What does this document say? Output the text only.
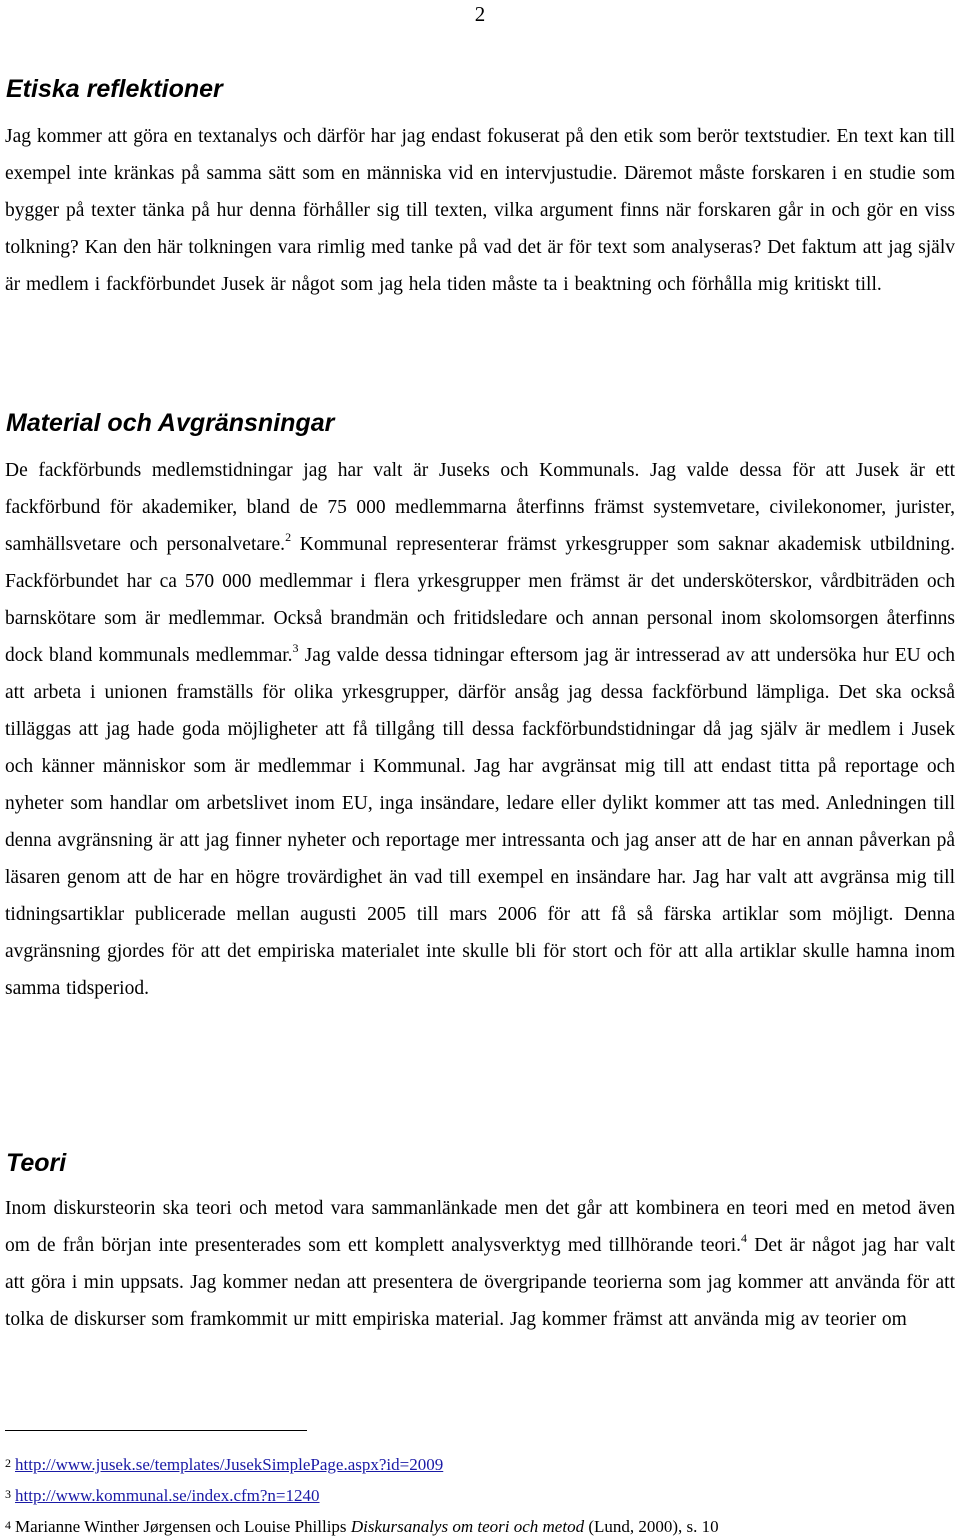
2
Etiska reflektioner

Jag kommer att göra en textanalys och därför har jag endast fokuserat på den etik som berör textstudier. En text kan till exempel inte kränkas på samma sätt som en människa vid en intervjustudie. Däremot måste forskaren i en studie som bygger på texter tänka på hur denna förhåller sig till texten, vilka argument finns när forskaren går in och gör en viss tolkning? Kan den här tolkningen vara rimlig med tanke på vad det är för text som analyseras? Det faktum att jag själv är medlem i fackförbundet Jusek är något som jag hela tiden måste ta i beaktning och förhålla mig kritiskt till.

Material och Avgränsningar

De fackförbunds medlemstidningar jag har valt är Juseks och Kommunals. Jag valde dessa för att Jusek är ett fackförbund för akademiker, bland de 75 000 medlemmarna återfinns främst systemvetare, civilekonomer, jurister, samhällsvetare och personalvetare.$^2$ Kommunal representerar främst yrkesgrupper som saknar akademisk utbildning. Fackförbundet har ca 570 000 medlemmar i flera yrkesgrupper men främst är det undersköterskor, vårdbiträden och barnskötare som är medlemmar. Också brandmän och fritidsledare och annan personal inom skolomsorgen återfinns dock bland kommunals medlemmar.$^3$ Jag valde dessa tidningar eftersom jag är intresserad av att undersöka hur EU och att arbeta i unionen framställs för olika yrkesgrupper, därför ansåg jag dessa fackförbund lämpliga. Det ska också tilläggas att jag hade goda möjligheter att få tillgång till dessa fackförbundstidningar då jag själv är medlem i Jusek och känner människor som är medlemmar i Kommunal. Jag har avgränsat mig till att endast titta på reportage och nyheter som handlar om arbetslivet inom EU, inga insändare, ledare eller dylikt kommer att tas med. Anledningen till denna avgränsning är att jag finner nyheter och reportage mer intressanta och jag anser att de har en annan påverkan på läsaren genom att de har en högre trovärdighet än vad till exempel en insändare har. Jag har valt att avgränsa mig till tidningsartiklar publicerade mellan augusti 2005 till mars 2006 för att få så färska artiklar som möjligt. Denna avgränsning gjordes för att det empiriska materialet inte skulle bli för stort och för att alla artiklar skulle hamna inom samma tidsperiod.

Teori

Inom diskursteorin ska teori och metod vara sammanlänkade men det går att kombinera en teori med en metod även om de från början inte presenterades som ett komplett analysverktyg med tillhörande teori.$^4$ Det är något jag har valt att göra i min uppsats. Jag kommer nedan att presentera de övergripande teorierna som jag kommer att använda för att tolka de diskurser som framkommit ur mitt empiriska material. Jag kommer främst att använda mig av teorier om

2 http://www.jusek.se/templates/JusekSimplePage.aspx?id=2009

3 http://www.kommunal.se/index.cfm?n=1240

4 Marianne Winther Jørgensen och Louise Phillips Diskursanalys om teori och metod (Lund, 2000), s. 10
